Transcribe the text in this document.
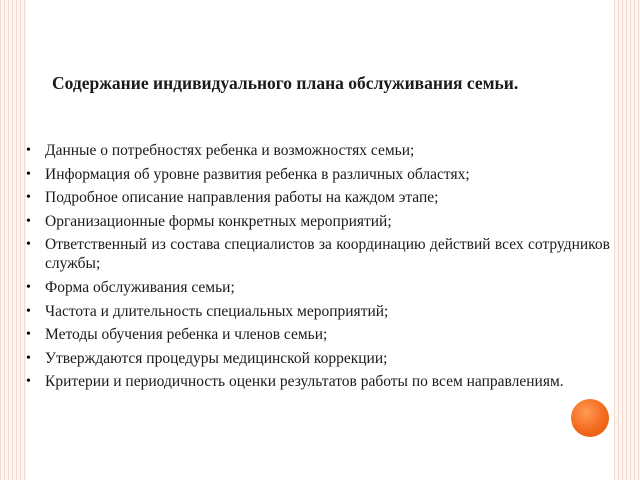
Содержание индивидуального плана обслуживания семьи.
• Данные о потребностях ребенка и возможностях семьи;
• Информация об уровне развития ребенка в различных областях;
• Подробное описание направления работы на каждом этапе;
• Организационные формы конкретных мероприятий;
• Ответственный из состава специалистов за координацию действий всех сотрудников службы;
• Форма обслуживания семьи;
• Частота и длительность специальных мероприятий;
• Методы обучения ребенка и членов семьи;
• Утверждаются процедуры медицинской коррекции;
• Критерии и периодичность оценки результатов работы по всем направлениям.
